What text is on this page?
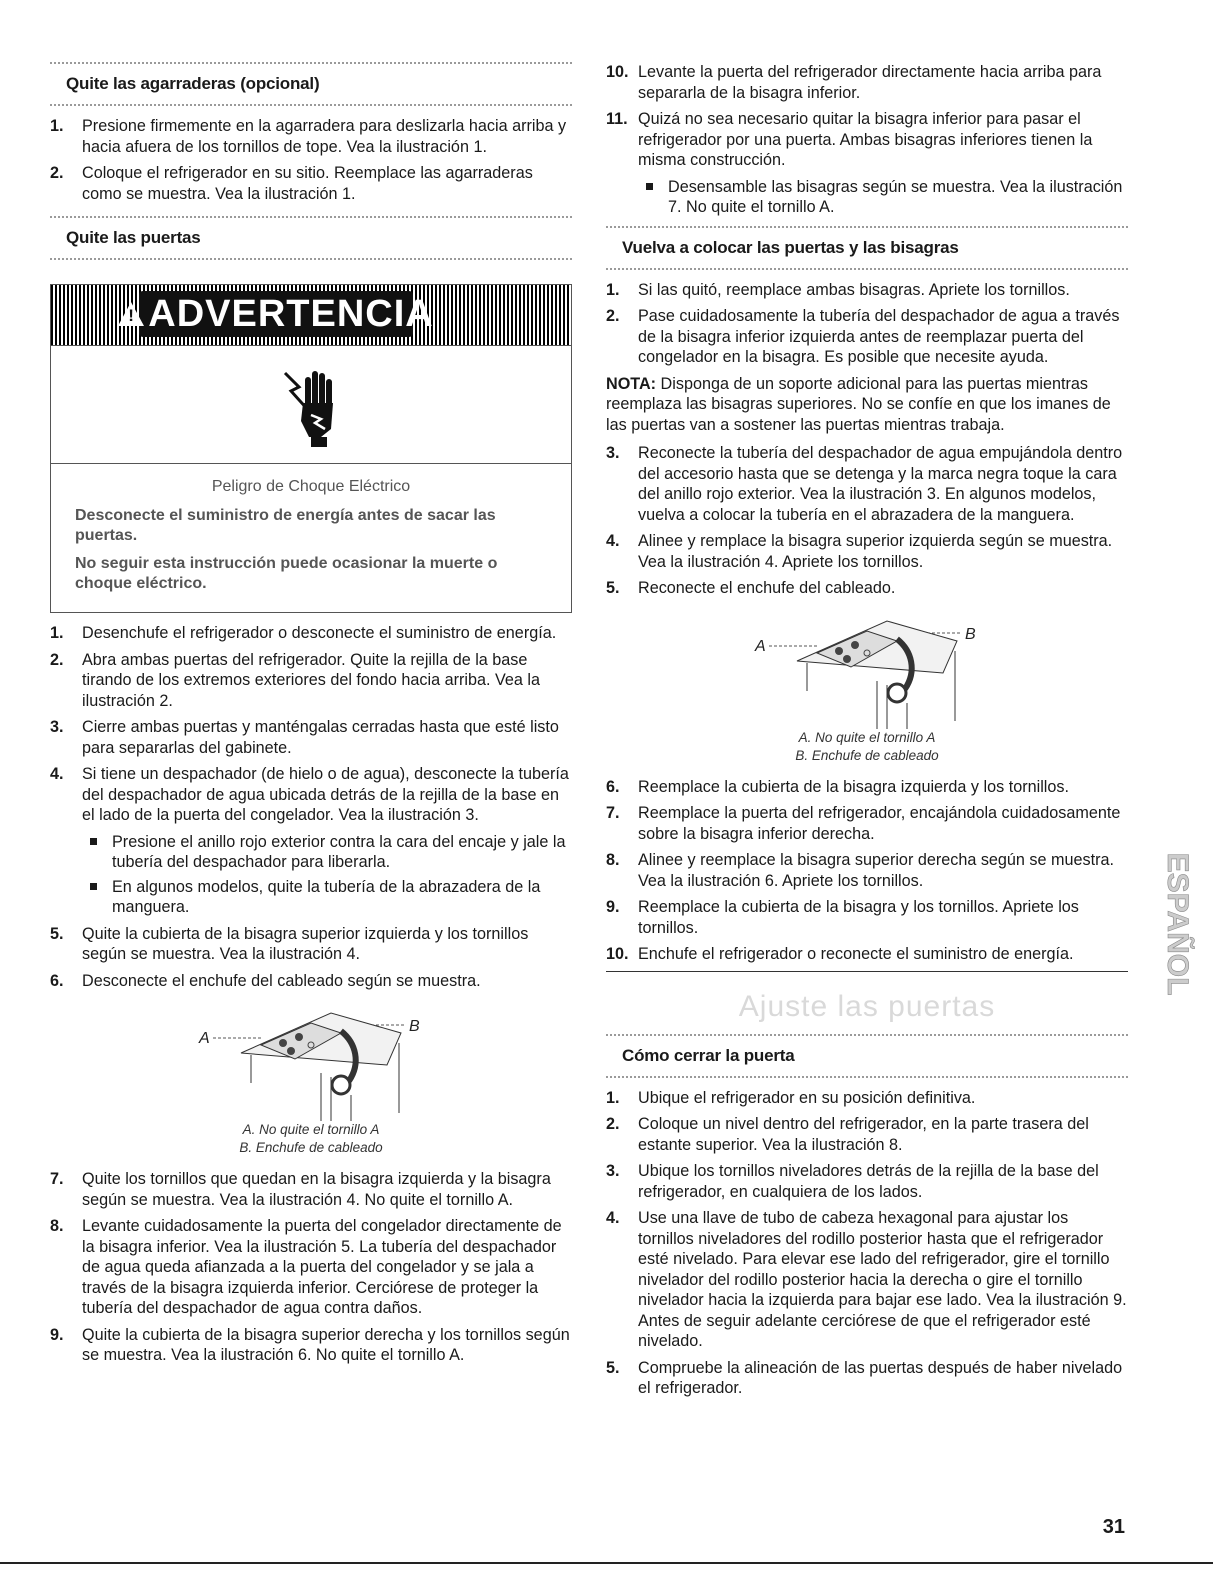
Quite las agarraderas (opcional)
1. Presione firmemente en la agarradera para deslizarla hacia arriba y hacia afuera de los tornillos de tope. Vea la ilustración 1.
2. Coloque el refrigerador en su sitio. Reemplace las agarraderas como se muestra. Vea la ilustración 1.
Quite las puertas
!
ADVERTENCIA
Peligro de Choque Eléctrico

Desconecte el suministro de energía antes de sacar las puertas.

No seguir esta instrucción puede ocasionar la muerte o choque eléctrico.

1. Desenchufe el refrigerador o desconecte el suministro de energía.
2. Abra ambas puertas del refrigerador. Quite la rejilla de la base tirando de los extremos exteriores del fondo hacia arriba. Vea la ilustración 2.
3. Cierre ambas puertas y manténgalas cerradas hasta que esté listo para separarlas del gabinete.
4. Si tiene un despachador (de hielo o de agua), desconecte la tubería del despachador de agua ubicada detrás de la rejilla de la base en el lado de la puerta del congelador. Vea la ilustración 3.
Presione el anillo rojo exterior contra la cara del encaje y jale la tubería del despachador para liberarla.
En algunos modelos, quite la tubería de la abrazadera de la manguera.
5. Quite la cubierta de la bisagra superior izquierda y los tornillos según se muestra. Vea la ilustración 4.
6. Desconecte el enchufe del cableado según se muestra.
A
B
A. No quite el tornillo A
B. Enchufe de cableado
7. Quite los tornillos que quedan en la bisagra izquierda y la bisagra según se muestra. Vea la ilustración 4. No quite el tornillo A.
8. Levante cuidadosamente la puerta del congelador directamente de la bisagra inferior. Vea la ilustración 5. La tubería del despachador de agua queda afianzada a la puerta del congelador y se jala a través de la bisagra izquierda inferior. Cerciórese de proteger la tubería del despachador de agua contra daños.
9. Quite la cubierta de la bisagra superior derecha y los tornillos según se muestra. Vea la ilustración 6. No quite el tornillo A.
10. Levante la puerta del refrigerador directamente hacia arriba para separarla de la bisagra inferior.
11. Quizá no sea necesario quitar la bisagra inferior para pasar el refrigerador por una puerta. Ambas bisagras inferiores tienen la misma construcción.
Desensamble las bisagras según se muestra. Vea la ilustración 7. No quite el tornillo A.
Vuelva a colocar las puertas y las bisagras
1. Si las quitó, reemplace ambas bisagras. Apriete los tornillos.
2. Pase cuidadosamente la tubería del despachador de agua a través de la bisagra inferior izquierda antes de reemplazar puerta del congelador en la bisagra. Es posible que necesite ayuda.

NOTA: Disponga de un soporte adicional para las puertas mientras reemplaza las bisagras superiores. No se confíe en que los imanes de las puertas van a sostener las puertas mientras trabaja.

3. Reconecte la tubería del despachador de agua empujándola dentro del accesorio hasta que se detenga y la marca negra toque la cara del anillo rojo exterior. Vea la ilustración 3. En algunos modelos, vuelva a colocar la tubería en el abrazadera de la manguera.
4. Alinee y remplace la bisagra superior izquierda según se muestra. Vea la ilustración 4. Apriete los tornillos.
5. Reconecte el enchufe del cableado.
A
B
A. No quite el tornillo A
B. Enchufe de cableado
6. Reemplace la cubierta de la bisagra izquierda y los tornillos.
7. Reemplace la puerta del refrigerador, encajándola cuidadosamente sobre la bisagra inferior derecha.
8. Alinee y reemplace la bisagra superior derecha según se muestra. Vea la ilustración 6. Apriete los tornillos.
9. Reemplace la cubierta de la bisagra y los tornillos. Apriete los tornillos.
10. Enchufe el refrigerador o reconecte el suministro de energía.
Ajuste las puertas
Cómo cerrar la puerta
1. Ubique el refrigerador en su posición definitiva.
2. Coloque un nivel dentro del refrigerador, en la parte trasera del estante superior. Vea la ilustración 8.
3. Ubique los tornillos niveladores detrás de la rejilla de la base del refrigerador, en cualquiera de los lados.
4. Use una llave de tubo de cabeza hexagonal para ajustar los tornillos niveladores del rodillo posterior hasta que el refrigerador esté nivelado. Para elevar ese lado del refrigerador, gire el tornillo nivelador del rodillo posterior hacia la derecha o gire el tornillo nivelador hacia la izquierda para bajar ese lado. Vea la ilustración 9. Antes de seguir adelante cerciórese de que el refrigerador esté nivelado.
5. Compruebe la alineación de las puertas después de haber nivelado el refrigerador.
ESPAÑOL
31
